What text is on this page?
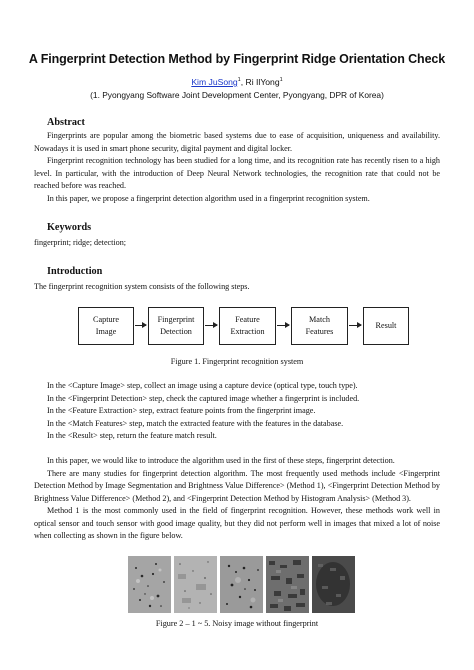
A Fingerprint Detection Method by Fingerprint Ridge Orientation Check
Kim JuSong$^1$, Ri IlYong$^1$
(1. Pyongyang Software Joint Development Center, Pyongyang, DPR of Korea)
Abstract

Fingerprints are popular among the biometric based systems due to ease of acquisition, uniqueness and availability. Nowadays it is used in smart phone security, digital payment and digital locker.

Fingerprint recognition technology has been studied for a long time, and its recognition rate has recently risen to a high level. In particular, with the introduction of Deep Neural Network technologies, the recognition rate that could not be reached before was reached.

In this paper, we propose a fingerprint detection algorithm used in a fingerprint recognition system.

Keywords

fingerprint; ridge; detection;

Introduction

The fingerprint recognition system consists of the following steps.

Capture
Image
Fingerprint
Detection
Feature
Extraction
Match
Features
Result
Figure 1. Fingerprint recognition system

In the <Capture Image> step, collect an image using a capture device (optical type, touch type).

In the <Fingerprint Detection> step, check the captured image whether a fingerprint is included.

In the <Feature Extraction> step, extract feature points from the fingerprint image.

In the <Match Features> step, match the extracted feature with the features in the database.

In the <Result> step, return the feature match result.

In this paper, we would like to introduce the algorithm used in the first of these steps, fingerprint detection.

There are many studies for fingerprint detection algorithm. The most frequently used methods include <Fingerprint Detection Method by Image Segmentation and Brightness Value Difference> (Method 1), <Fingerprint Detection Method by Brightness Value Difference> (Method 2), and <Fingerprint Detection Method by Histogram Analysis> (Method 3).

Method 1 is the most commonly used in the field of fingerprint recognition. However, these methods work well in optical sensor and touch sensor with good image quality, but they did not perform well in images that mixed a lot of noise when collecting as shown in the figure below.

Figure 2 – 1 ~ 5. Noisy image without fingerprint
